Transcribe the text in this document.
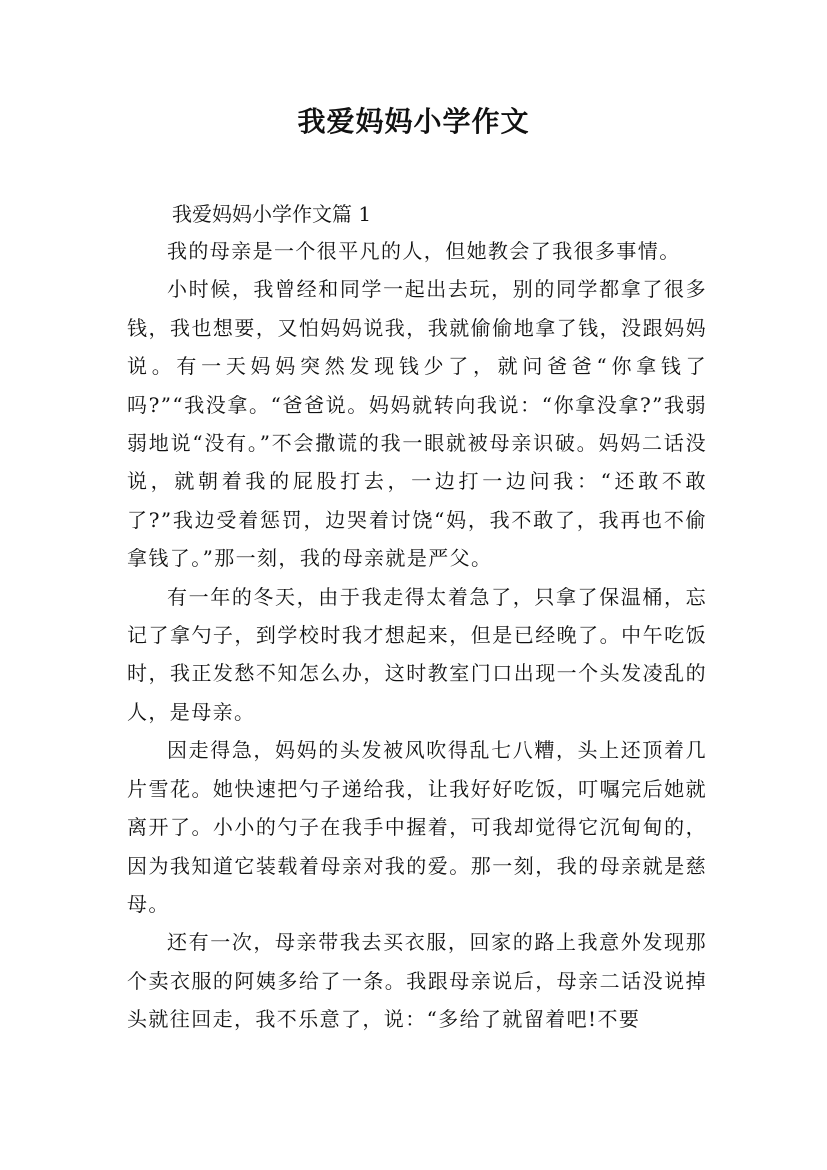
我爱妈妈小学作文

我爱妈妈小学作文篇 1

我的母亲是一个很平凡的人，但她教会了我很多事情。

小时候，我曾经和同学一起出去玩，别的同学都拿了很多钱，我也想要，又怕妈妈说我，我就偷偷地拿了钱，没跟妈妈说。有一天妈妈突然发现钱少了，就问爸爸“你拿钱了吗?”“我没拿。“爸爸说。妈妈就转向我说：“你拿没拿?”我弱弱地说“没有。”不会撒谎的我一眼就被母亲识破。妈妈二话没说，就朝着我的屁股打去，一边打一边问我：“还敢不敢了?”我边受着惩罚，边哭着讨饶“妈，我不敢了，我再也不偷拿钱了。”那一刻，我的母亲就是严父。

有一年的冬天，由于我走得太着急了，只拿了保温桶，忘记了拿勺子，到学校时我才想起来，但是已经晚了。中午吃饭时，我正发愁不知怎么办，这时教室门口出现一个头发凌乱的人，是母亲。

因走得急，妈妈的头发被风吹得乱七八糟，头上还顶着几片雪花。她快速把勺子递给我，让我好好吃饭，叮嘱完后她就离开了。小小的勺子在我手中握着，可我却觉得它沉甸甸的，因为我知道它装载着母亲对我的爱。那一刻，我的母亲就是慈母。

还有一次，母亲带我去买衣服，回家的路上我意外发现那个卖衣服的阿姨多给了一条。我跟母亲说后，母亲二话没说掉头就往回走，我不乐意了，说：“多给了就留着吧!不要
